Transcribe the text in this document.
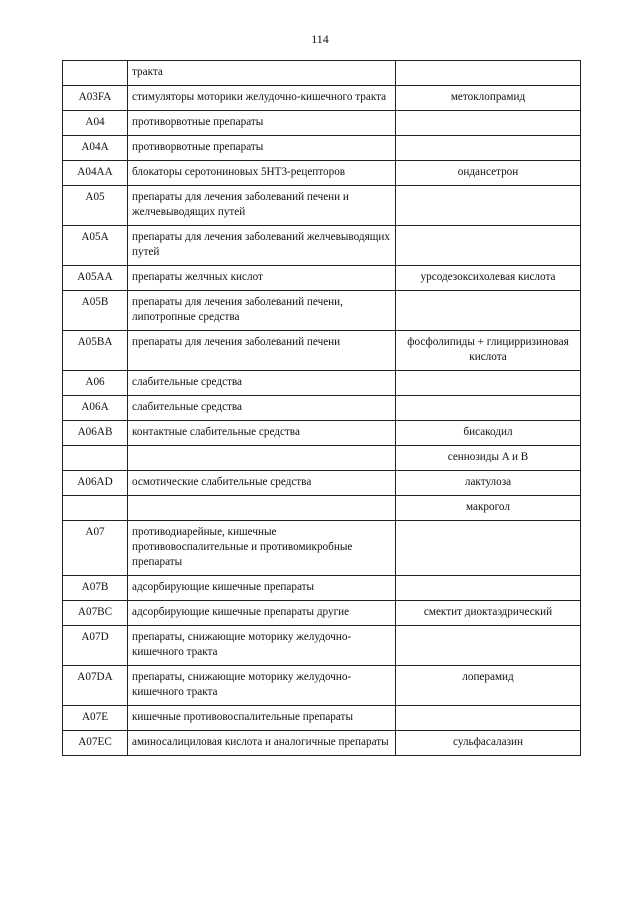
114
	тракта	
A03FA	стимуляторы моторики желудочно-кишечного тракта	метоклопрамид
A04	противорвотные препараты	
A04A	противорвотные препараты	
A04AA	блокаторы серотониновых 5HT3-рецепторов	ондансетрон
A05	препараты для лечения заболеваний печени и желчевыводящих путей	
A05A	препараты для лечения заболеваний желчевыводящих путей	
A05AA	препараты желчных кислот	урсодезоксихолевая кислота
A05B	препараты для лечения заболеваний печени, липотропные средства	
A05BA	препараты для лечения заболеваний печени	фосфолипиды + глицирризиновая кислота
A06	слабительные средства	
A06A	слабительные средства	
A06AB	контактные слабительные средства	бисакодил
		сеннозиды A и B
A06AD	осмотические слабительные средства	лактулоза
		макрогол
A07	противодиарейные, кишечные противовоспалительные и противомикробные препараты	
A07B	адсорбирующие кишечные препараты	
A07BC	адсорбирующие кишечные препараты другие	смектит диоктаэдрический
A07D	препараты, снижающие моторику желудочно-кишечного тракта	
A07DA	препараты, снижающие моторику желудочно-кишечного тракта	лоперамид
A07E	кишечные противовоспалительные препараты	
A07EC	аминосалициловая кислота и аналогичные препараты	сульфасалазин
